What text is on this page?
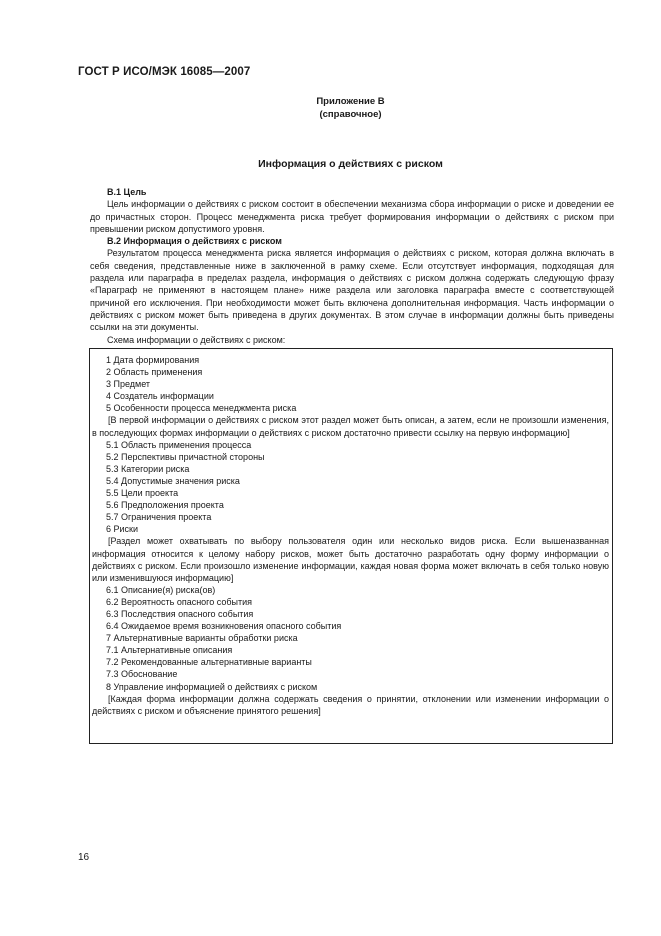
ГОСТ Р ИСО/МЭК 16085—2007
Приложение В
(справочное)
Информация о действиях с риском

В.1 Цель

Цель информации о действиях с риском состоит в обеспечении механизма сбора информации о риске и доведении ее до причастных сторон. Процесс менеджмента риска требует формирования информации о действиях с риском при превышении риском допустимого уровня.

В.2 Информация о действиях с риском

Результатом процесса менеджмента риска является информация о действиях с риском, которая должна включать в себя сведения, представленные ниже в заключенной в рамку схеме. Если отсутствует информация, подходящая для раздела или параграфа в пределах раздела, информация о действиях с риском должна содержать следующую фразу «Параграф не применяют в настоящем плане» ниже раздела или заголовка параграфа вместе с соответствующей причиной его исключения. При необходимости может быть включена дополнительная информация. Часть информации о действиях с риском может быть приведена в других документах. В этом случае в информации должны быть приведены ссылки на эти документы.

Схема информации о действиях с риском:

1 Дата формирования
2 Область применения
3 Предмет
4 Создатель информации
5 Особенности процесса менеджмента риска
[В первой информации о действиях с риском этот раздел может быть описан, а затем, если не произошли изменения, в последующих формах информации о действиях с риском достаточно привести ссылку на первую информацию]
5.1 Область применения процесса
5.2 Перспективы причастной стороны
5.3 Категории риска
5.4 Допустимые значения риска
5.5 Цели проекта
5.6 Предположения проекта
5.7 Ограничения проекта
6 Риски
[Раздел может охватывать по выбору пользователя один или несколько видов риска. Если вышеназванная информация относится к целому набору рисков, может быть достаточно разработать одну форму информации о действиях с риском. Если произошло изменение информации, каждая новая форма может включать в себя только новую или изменившуюся информацию]
6.1 Описание(я) риска(ов)
6.2 Вероятность опасного события
6.3 Последствия опасного события
6.4 Ожидаемое время возникновения опасного события
7 Альтернативные варианты обработки риска
7.1 Альтернативные описания
7.2 Рекомендованные альтернативные варианты
7.3 Обоснование
8 Управление информацией о действиях с риском
[Каждая форма информации должна содержать сведения о принятии, отклонении или изменении информации о действиях с риском и объяснение принятого решения]
16
